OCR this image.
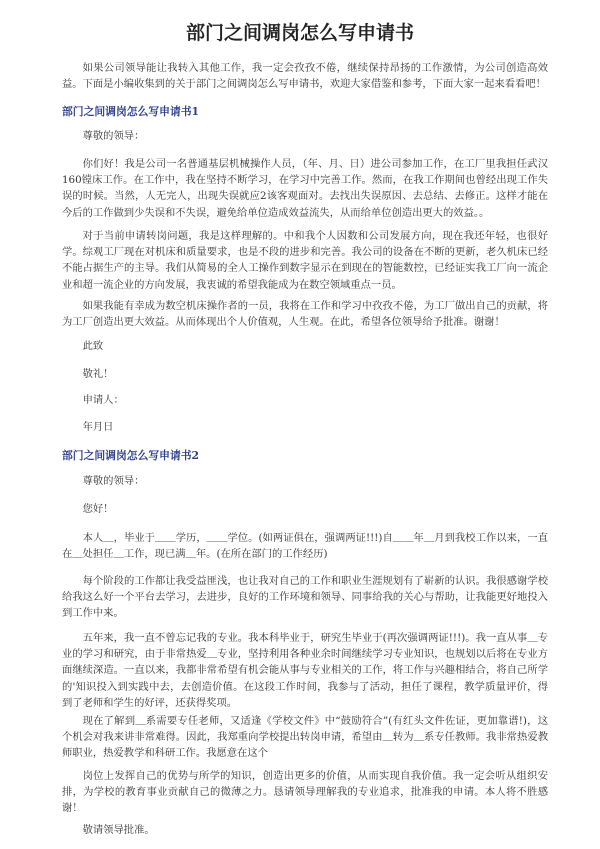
部门之间调岗怎么写申请书

如果公司领导能让我转入其他工作，我一定会孜孜不倦，继续保持昂扬的工作激情，为公司创造高效益。下面是小编收集到的关于部门之间调岗怎么写申请书，欢迎大家借鉴和参考，下面大家一起来看看吧！

部门之间调岗怎么写申请书1

尊敬的领导：

你们好！我是公司一名普通基层机械操作人员，（年、月、日）进公司参加工作，在工厂里我担任武汉160镗床工作。在工作中，我在坚持不断学习，在学习中完善工作。然而，在我工作期间也曾经出现工作失误的时候。当然，人无完人，出现失误就应2该客观面对。去找出失误原因、去总结、去修正。这样才能在今后的工作做到少失误和不失误，避免给单位造成效益流失，从而给单位创造出更大的效益。。

对于当前申请转岗问题，我是这样理解的。中和我个人因数和公司发展方向，现在我还年轻，也很好学。综观工厂现在对机床和质量要求，也是不段的进步和完善。我公司的设备在不断的更新，老久机床已经不能占据生产的主导。我们从简易的全人工操作到数字显示在到现在的智能数控，已经证实我工厂向一流企业和超一流企业的方向发展，我衷诚的希望我能成为在数空领域重点一员。

如果我能有幸成为数空机床操作者的一员，我将在工作和学习中孜孜不倦，为工厂做出自己的贡献，将为工厂创造出更大效益。从而体现出个人价值观，人生观。在此，希望各位领导给予批准。谢谢！

此致

敬礼！

申请人：

年月日

部门之间调岗怎么写申请书2

尊敬的领导：

您好！

本人＿，毕业于＿＿学历，＿＿学位。(如两证俱在，强调两证!!!)自＿＿年＿月到我校工作以来，一直在＿处担任＿工作，现已满＿年。(在所在部门的工作经历)

每个阶段的工作都让我受益匪浅，也让我对自己的工作和职业生涯规划有了崭新的认识。我很感谢学校给我这么好一个平台去学习，去进步，良好的工作环境和领导、同事给我的关心与帮助，让我能更好地投入到工作中来。

五年来，我一直不曾忘记我的专业。我本科毕业于，研究生毕业于(再次强调两证!!!)。我一直从事＿专业的学习和研究，由于非常热爱＿专业，坚持利用各种业余时间继续学习专业知识，也规划以后将在专业方面继续深造。一直以来，我都非常希望有机会能从事与专业相关的工作，将工作与兴趣相结合，将自己所学的'知识投入到实践中去，去创造价值。在这段工作时间，我参与了活动，担任了课程，教学质量评价，得到了老师和学生的好评，还获得奖项。

现在了解到＿系需要专任老师，又适逢《学校文件》中“鼓励符合”(有红头文件佐证，更加靠谱!)，这个机会对我来讲非常难得。因此，我郑重向学校提出转岗申请，希望由＿转为＿系专任教师。我非常热爱教师职业，热爱教学和科研工作。我愿意在这个

岗位上发挥自己的优势与所学的知识，创造出更多的价值，从而实现自我价值。我一定会听从组织安排，为学校的教育事业贡献自己的微薄之力。恳请领导理解我的专业追求，批准我的申请。本人将不胜感谢！

敬请领导批准。
